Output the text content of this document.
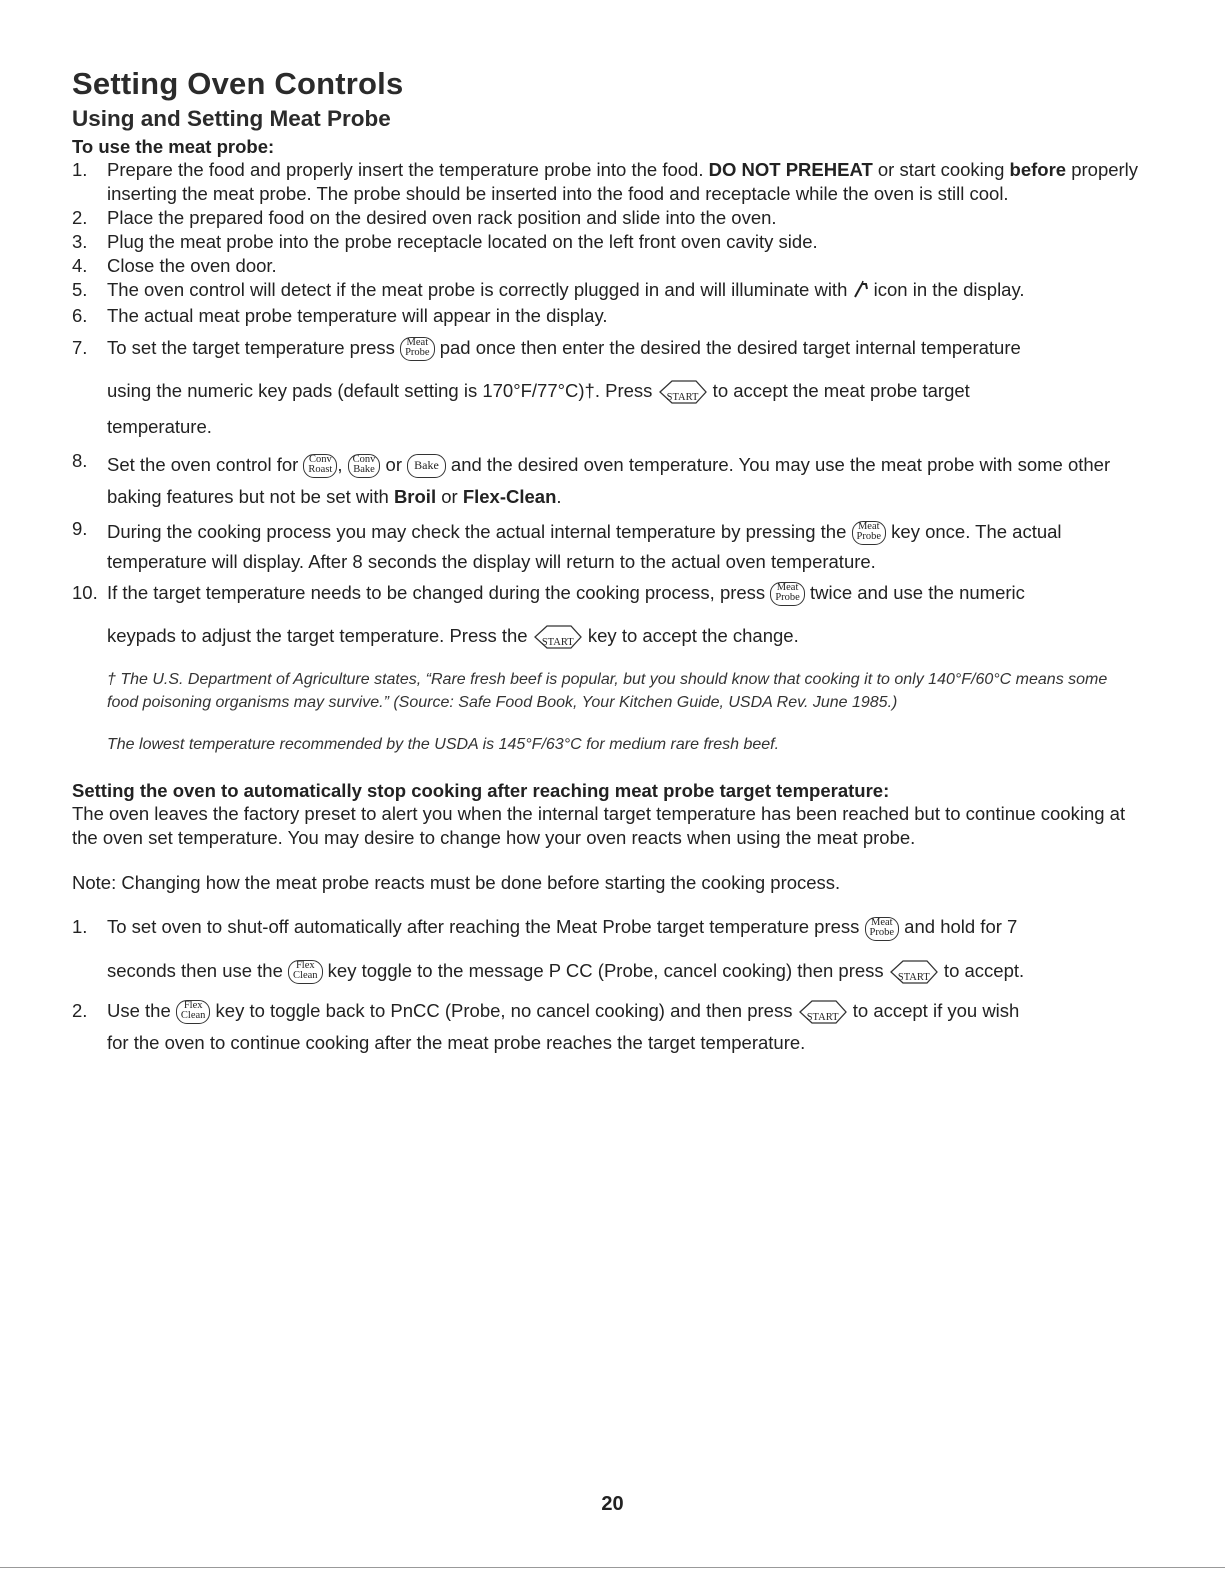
Setting Oven Controls
Using and Setting Meat Probe
To use the meat probe:
1. Prepare the food and properly insert the temperature probe into the food. DO NOT PREHEAT or start cooking before properly inserting the meat probe. The probe should be inserted into the food and receptacle while the oven is still cool.
2. Place the prepared food on the desired oven rack position and slide into the oven.
3. Plug the meat probe into the probe receptacle located on the left front oven cavity side.
4. Close the oven door.
5. The oven control will detect if the meat probe is correctly plugged in and will illuminate with  icon in the display.
6. The actual meat probe temperature will appear in the display.
7. To set the target temperature press Meat
Probe pad once then enter the desired the desired target internal temperature
using the numeric key pads (default setting is 170°F/77°C)†. Press START to accept the meat probe target
temperature.
8. Set the oven control for Conv
Roast , Conv
Bake or Bake and the desired oven temperature. You may use the meat probe with some other baking features but not be set with Broil or Flex-Clean.
9. During the cooking process you may check the actual internal temperature by pressing the Meat
Probe key once. The actual temperature will display. After 8 seconds the display will return to the actual oven temperature.
10. If the target temperature needs to be changed during the cooking process, press Meat
Probe twice and use the numeric
keypads to adjust the target temperature. Press the START key to accept the change.

† The U.S. Department of Agriculture states, “Rare fresh beef is popular, but you should know that cooking it to only 140°F/60°C means some food poisoning organisms may survive.” (Source: Safe Food Book, Your Kitchen Guide, USDA Rev. June 1985.)

The lowest temperature recommended by the USDA is 145°F/63°C for medium rare fresh beef.

Setting the oven to automatically stop cooking after reaching meat probe target temperature:

The oven leaves the factory preset to alert you when the internal target temperature has been reached but to continue cooking at the oven set temperature. You may desire to change how your oven reacts when using the meat probe.

Note: Changing how the meat probe reacts must be done before starting the cooking process.

1. To set oven to shut-off automatically after reaching the Meat Probe target temperature press Meat
Probe and hold for 7
seconds then use the Flex
Clean key toggle to the message P CC (Probe, cancel cooking) then press START to accept.
2. Use the Flex
Clean key to toggle back to PnCC (Probe, no cancel cooking) and then press START to accept if you wish
for the oven to continue cooking after the meat probe reaches the target temperature.
20
